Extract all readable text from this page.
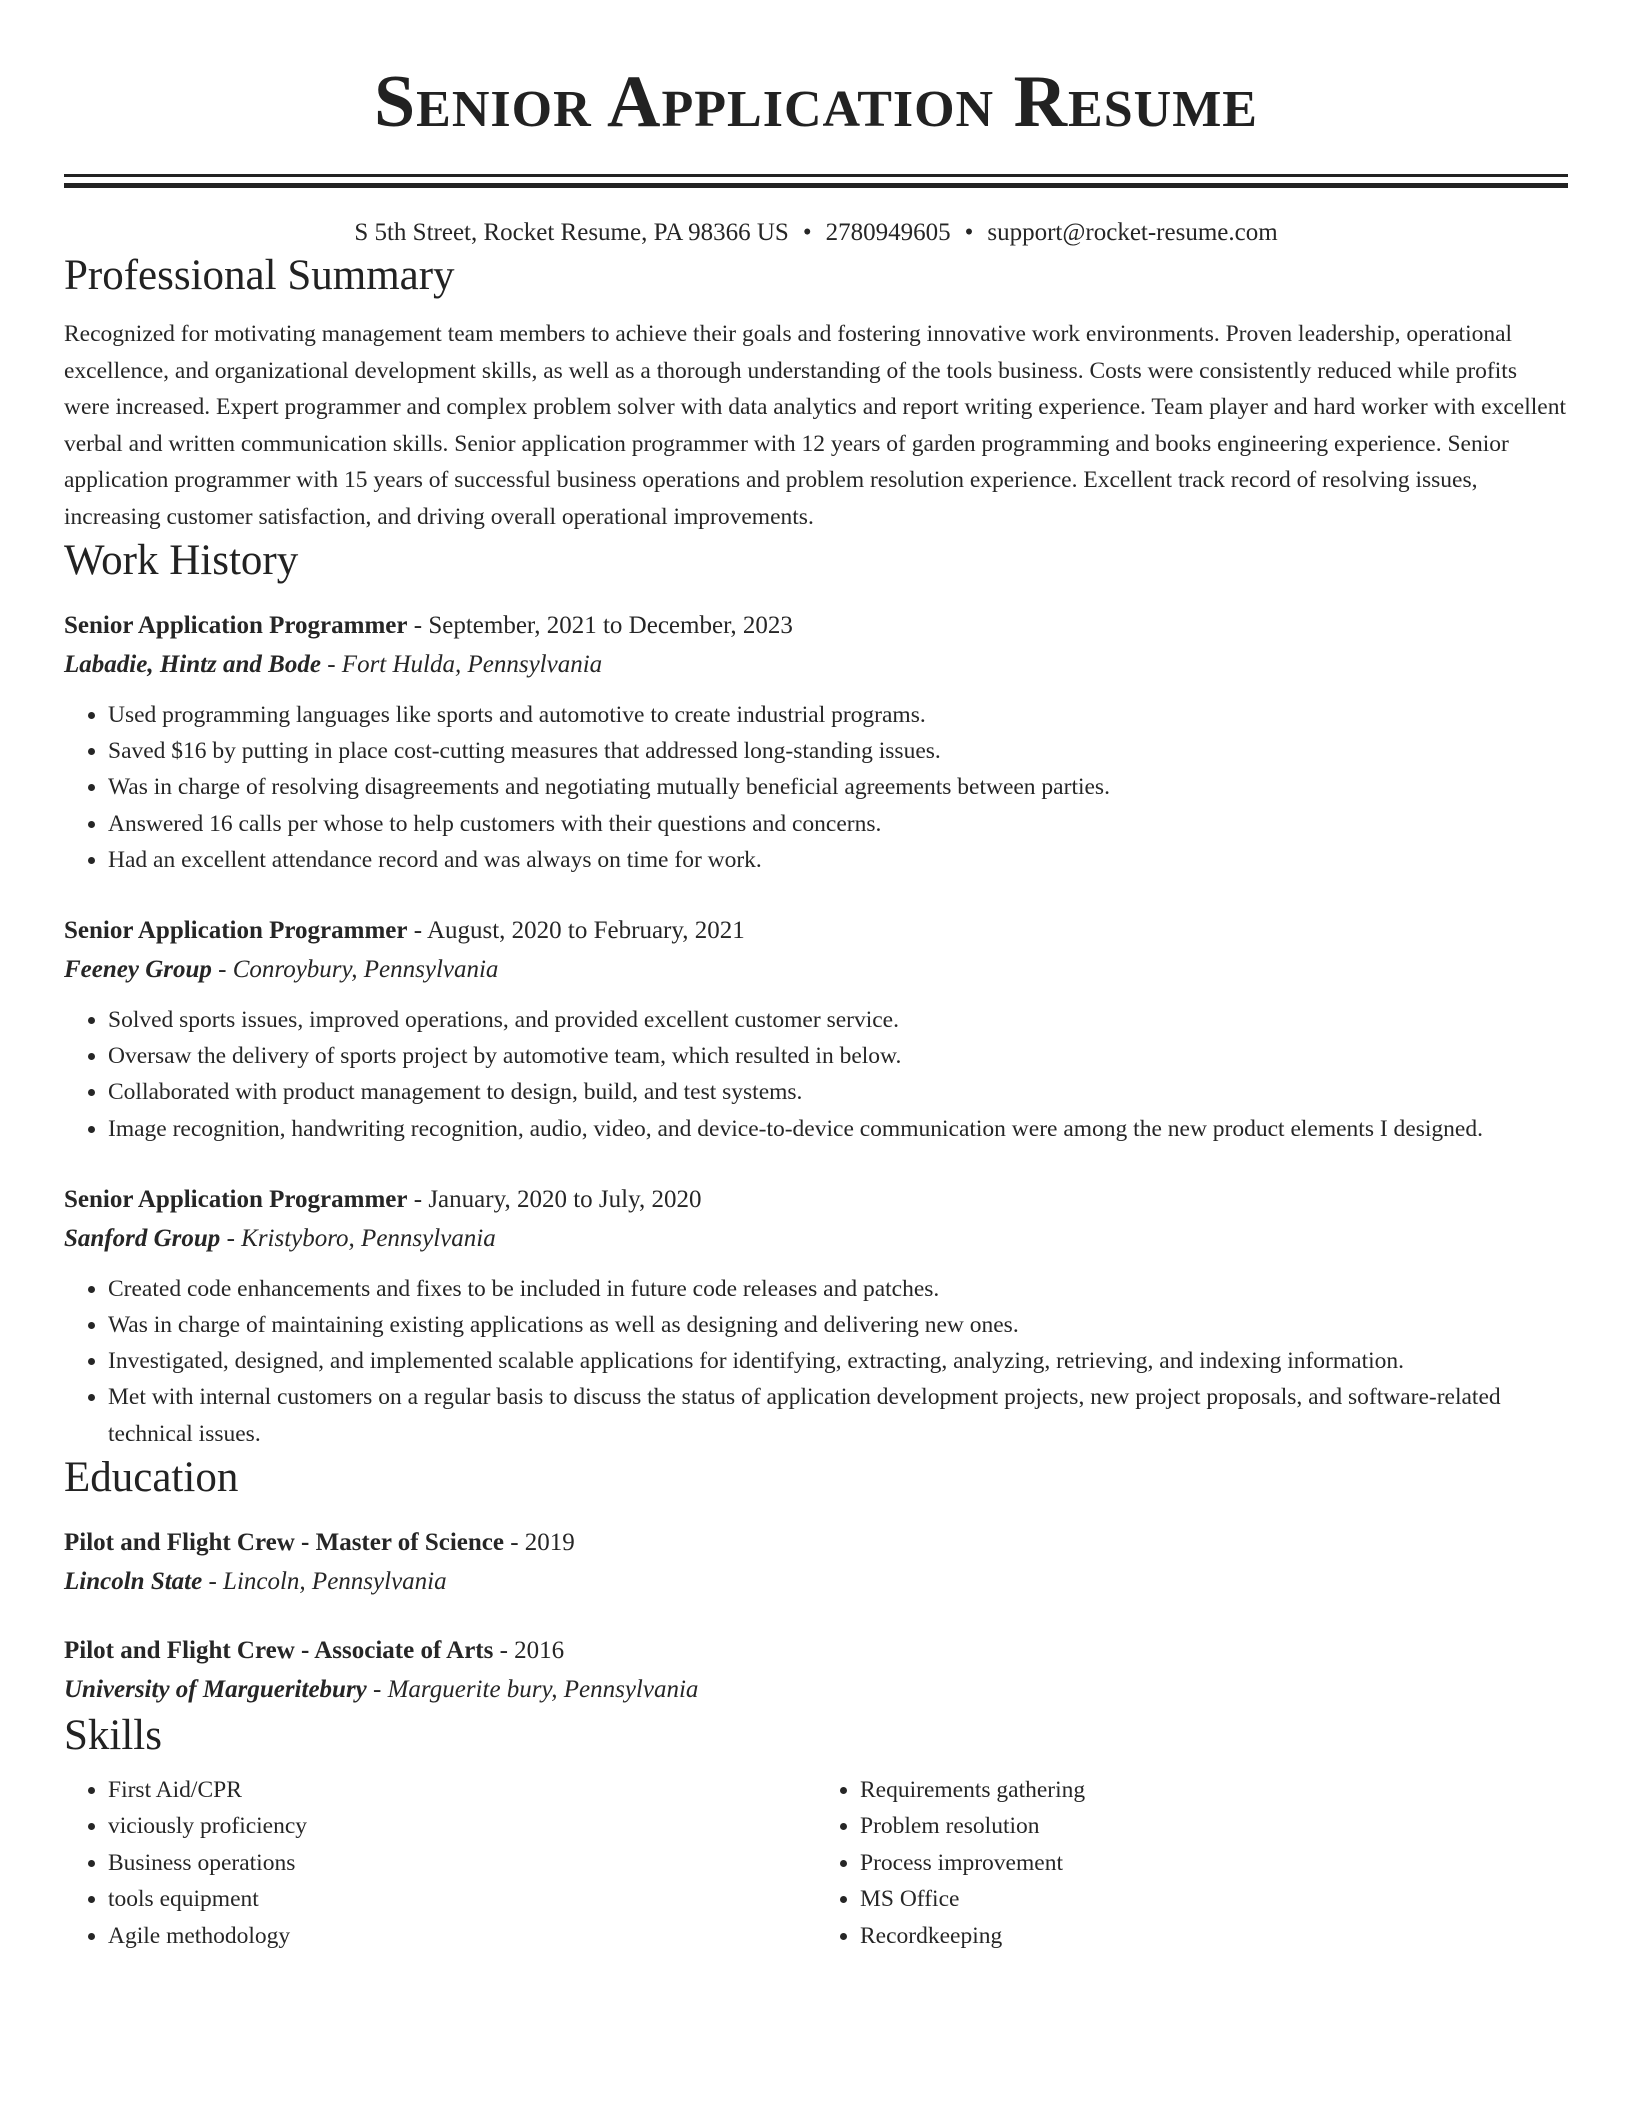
Senior Application Resume
S 5th Street, Rocket Resume, PA 98366 US • 2780949605 • support@rocket-resume.com
Professional Summary
Recognized for motivating management team members to achieve their goals and fostering innovative work environments. Proven leadership, operational excellence, and organizational development skills, as well as a thorough understanding of the tools business. Costs were consistently reduced while profits were increased. Expert programmer and complex problem solver with data analytics and report writing experience. Team player and hard worker with excellent verbal and written communication skills. Senior application programmer with 12 years of garden programming and books engineering experience. Senior application programmer with 15 years of successful business operations and problem resolution experience. Excellent track record of resolving issues, increasing customer satisfaction, and driving overall operational improvements.
Work History
Senior Application Programmer - September, 2021 to December, 2023
Labadie, Hintz and Bode - Fort Hulda, Pennsylvania
• Used programming languages like sports and automotive to create industrial programs.
• Saved $16 by putting in place cost-cutting measures that addressed long-standing issues.
• Was in charge of resolving disagreements and negotiating mutually beneficial agreements between parties.
• Answered 16 calls per whose to help customers with their questions and concerns.
• Had an excellent attendance record and was always on time for work.
Senior Application Programmer - August, 2020 to February, 2021
Feeney Group - Conroybury, Pennsylvania
• Solved sports issues, improved operations, and provided excellent customer service.
• Oversaw the delivery of sports project by automotive team, which resulted in below.
• Collaborated with product management to design, build, and test systems.
• Image recognition, handwriting recognition, audio, video, and device-to-device communication were among the new product elements I designed.
Senior Application Programmer - January, 2020 to July, 2020
Sanford Group - Kristyboro, Pennsylvania
• Created code enhancements and fixes to be included in future code releases and patches.
• Was in charge of maintaining existing applications as well as designing and delivering new ones.
• Investigated, designed, and implemented scalable applications for identifying, extracting, analyzing, retrieving, and indexing information.
• Met with internal customers on a regular basis to discuss the status of application development projects, new project proposals, and software-related technical issues.
Education
Pilot and Flight Crew - Master of Science - 2019
Lincoln State - Lincoln, Pennsylvania
Pilot and Flight Crew - Associate of Arts - 2016
University of Margueritebury - Marguerite bury, Pennsylvania
Skills
• First Aid/CPR
• viciously proficiency
• Business operations
• tools equipment
• Agile methodology
• Requirements gathering
• Problem resolution
• Process improvement
• MS Office
• Recordkeeping
